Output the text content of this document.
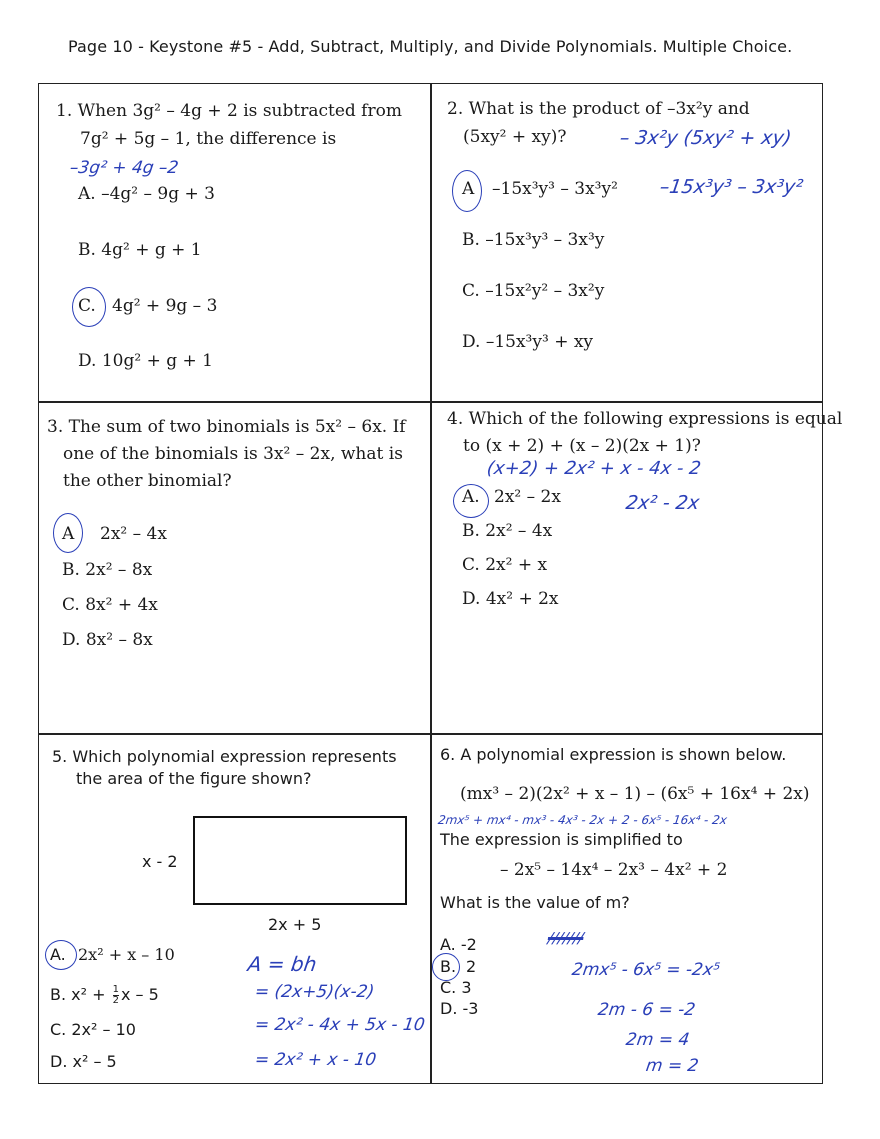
Page 10 - Keystone #5 - Add, Subtract, Multiply, and Divide Polynomials. Multiple Choice.
1. When 3g² – 4g + 2 is subtracted from
7g² + 5g – 1, the difference is
–3g² + 4g –2
A. –4g² – 9g + 3
B. 4g² + g + 1
C. 4g² + 9g – 3
D. 10g² + g + 1
2. What is the product of –3x²y and
(5xy² + xy)?	– 3x²y (5xy² + xy)
A –15x³y³ – 3x³y² –15x³y³ – 3x³y²
B. –15x³y³ – 3x³y
C. –15x²y² – 3x²y
D. –15x³y³ + xy
3. The sum of two binomials is 5x² – 6x. If
one of the binomials is 3x² – 2x, what is
the other binomial?
A 2x² – 4x
B. 2x² – 8x
C. 8x² + 4x
D. 8x² – 8x
4. Which of the following expressions is equal
to (x + 2) + (x – 2)(2x + 1)?
(x+2) + 2x² + x - 4x - 2
A. 2x² – 2x	2x² - 2x
B. 2x² – 4x
C. 2x² + x
D. 4x² + 2x
5. Which polynomial expression represents
the area of the figure shown?
x - 2
2x + 5
A. 2x² + x – 10
B. $x^2 + \frac{1}{2}$ x – 5
C. 2x² – 10
D. x² – 5
A = bh
= (2x+5)(x-2)
= 2x² - 4x + 5x - 10
= 2x² + x - 10
6. A polynomial expression is shown below.
(mx³ – 2)(2x² + x – 1) – (6x⁵ + 16x⁴ + 2x)
2mx⁵ + mx⁴ - mx³ - 4x³ - 2x + 2 - 6x⁵ - 16x⁴ - 2x
The expression is simplified to
– 2x⁵ – 14x⁴ – 2x³ – 4x² + 2
What is the value of m?
A. -2
B. 2
C. 3
D. -3
///////
2mx⁵ - 6x⁵ = -2x⁵
2m - 6 = -2
2m = 4
m = 2
